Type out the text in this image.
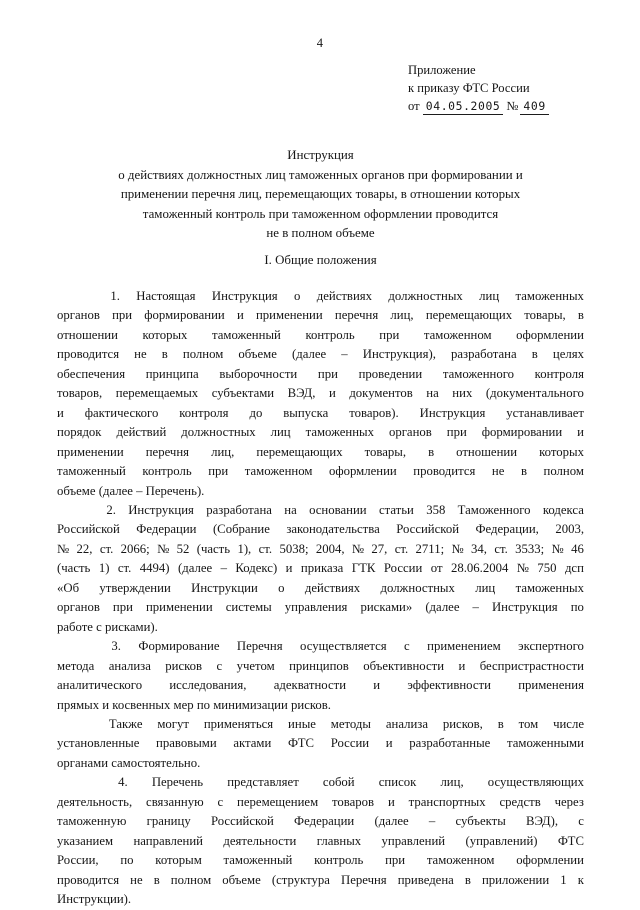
4
Приложение
к приказу ФТС России
от 04.05.2005 № 409
Инструкция
о действиях должностных лиц таможенных органов при формировании и
применении перечня лиц, перемещающих товары, в отношении которых
таможенный контроль при таможенном оформлении проводится
не в полном объеме
I. Общие положения
1. Настоящая Инструкция о действиях должностных лиц таможенных
органов при формировании и применении перечня лиц, перемещающих товары, в
отношении которых таможенный контроль при таможенном оформлении
проводится не в полном объеме (далее – Инструкция), разработана в целях
обеспечения принципа выборочности при проведении таможенного контроля
товаров, перемещаемых субъектами ВЭД, и документов на них (документального
и фактического контроля до выпуска товаров). Инструкция устанавливает
порядок действий должностных лиц таможенных органов при формировании и
применении перечня лиц, перемещающих товары, в отношении которых
таможенный контроль при таможенном оформлении проводится не в полном
объеме (далее – Перечень).
2. Инструкция разработана на основании статьи 358 Таможенного кодекса
Российской Федерации (Собрание законодательства Российской Федерации, 2003,
№ 22, ст. 2066; № 52 (часть 1), ст. 5038; 2004, № 27, ст. 2711; № 34, ст. 3533; № 46
(часть 1) ст. 4494) (далее – Кодекс) и приказа ГТК России от 28.06.2004 № 750 дсп
«Об утверждении Инструкции о действиях должностных лиц таможенных
органов при применении системы управления рисками» (далее – Инструкция по
работе с рисками).
3. Формирование Перечня осуществляется с применением экспертного
метода анализа рисков с учетом принципов объективности и беспристрастности
аналитического исследования, адекватности и эффективности применения
прямых и косвенных мер по минимизации рисков.
Также могут применяться иные методы анализа рисков, в том числе
установленные правовыми актами ФТС России и разработанные таможенными
органами самостоятельно.
4. Перечень представляет собой список лиц, осуществляющих
деятельность, связанную с перемещением товаров и транспортных средств через
таможенную границу Российской Федерации (далее – субъекты ВЭД), с
указанием направлений деятельности главных управлений (управлений) ФТС
России, по которым таможенный контроль при таможенном оформлении
проводится не в полном объеме (структура Перечня приведена в приложении 1 к
Инструкции).
